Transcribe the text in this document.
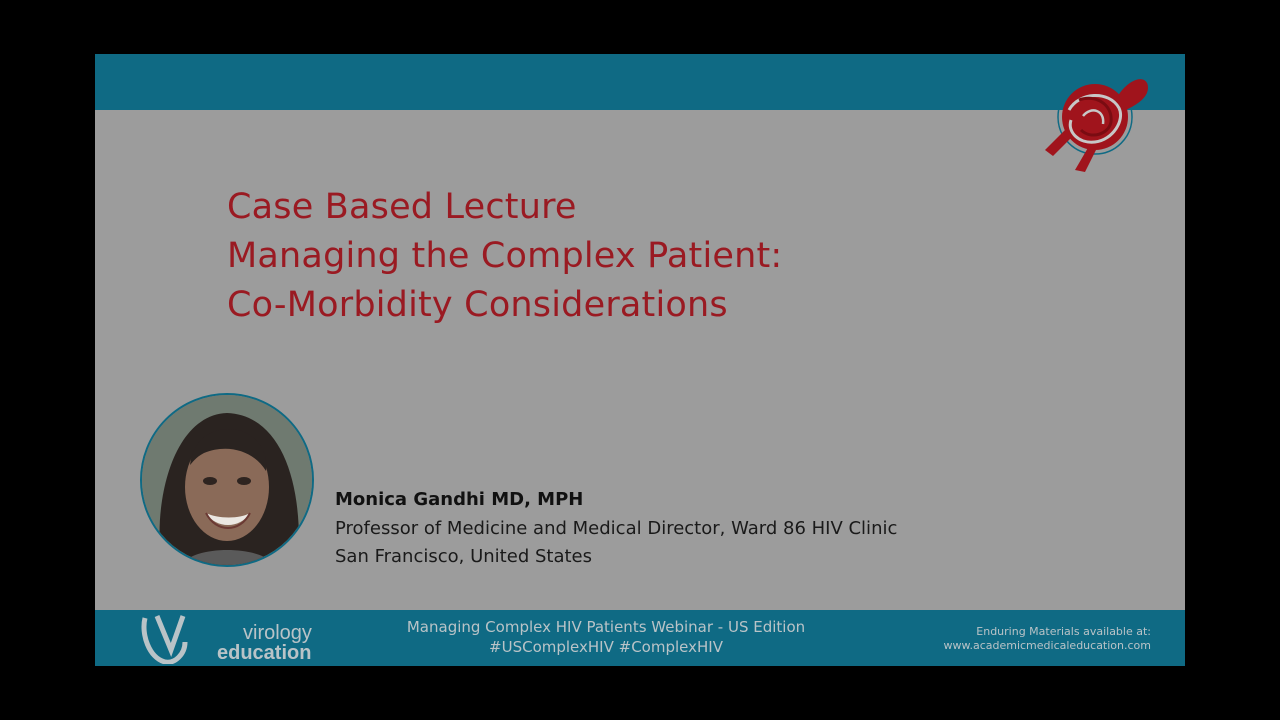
Case Based Lecture
Managing the Complex Patient:
Co-Morbidity Considerations

Monica Gandhi MD, MPH

Professor of Medicine and Medical Director, Ward 86 HIV Clinic

San Francisco, United States

virology
education

Managing Complex HIV Patients Webinar - US Edition

#USComplexHIV #ComplexHIV

Enduring Materials available at:

www.academicmedicaleducation.com
